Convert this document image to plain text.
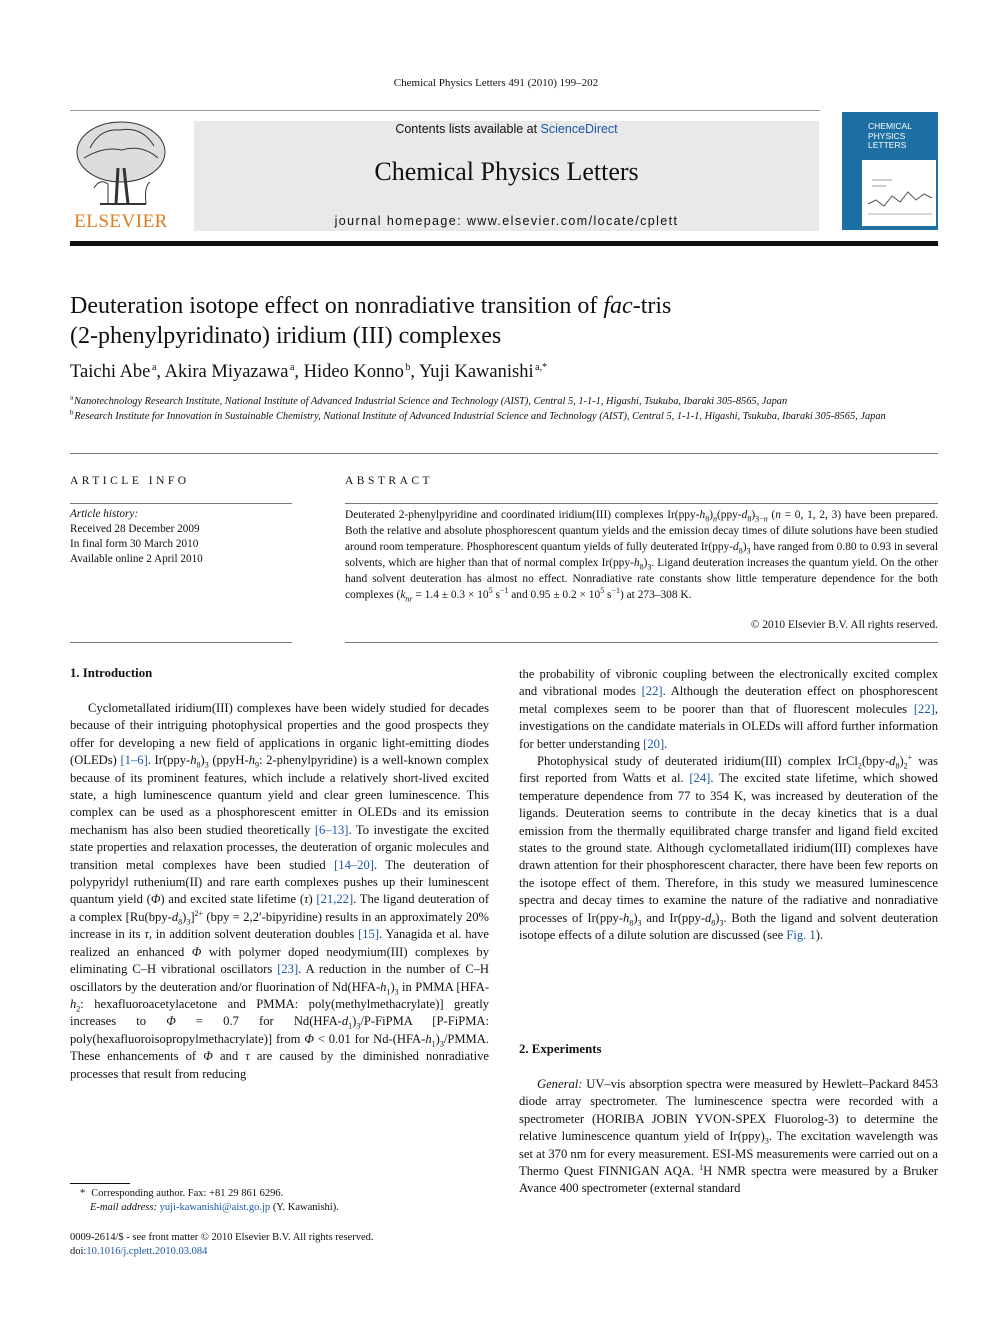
Chemical Physics Letters 491 (2010) 199–202
ELSEVIER
Contents lists available at ScienceDirect
Chemical Physics Letters
journal homepage: www.elsevier.com/locate/cplett
CHEMICAL PHYSICS LETTERS
Deuteration isotope effect on nonradiative transition of fac-tris
(2-phenylpyridinato) iridium (III) complexes
Taichi Abe  $^a$, Akira Miyazawa  $^a$, Hideo Konno  $^b$, Yuji Kawanishi  $^{a,*}$
$^a$ Nanotechnology Research Institute, National Institute of Advanced Industrial Science and Technology (AIST), Central 5, 1-1-1, Higashi, Tsukuba, Ibaraki 305-8565, Japan
$^b$ Research Institute for Innovation in Sustainable Chemistry, National Institute of Advanced Industrial Science and Technology (AIST), Central 5, 1-1-1, Higashi, Tsukuba, Ibaraki 305-8565, Japan
ARTICLE INFO	ABSTRACT
Article history:
Received 28 December 2009
In final form 30 March 2010
Available online 2 April 2010
Deuterated 2-phenylpyridine and coordinated iridium(III) complexes $Ir(ppy-h_8)_n(ppy-d_8)_{3-n}$ (n = 0, 1, 2, 3) have been prepared. Both the relative and absolute phosphorescent quantum yields and the emission decay times of dilute solutions have been studied around room temperature. Phosphorescent quantum yields of fully deuterated $Ir(ppy-d_8)_3$ have ranged from 0.80 to 0.93 in several solvents, which are higher than that of normal complex $Ir(ppy-h_8)_3$. Ligand deuteration increases the quantum yield. On the other hand solvent deuteration has almost no effect. Nonradiative rate constants show little temperature dependence for the both complexes ($k_{nr} = 1.4 \pm 0.3 \times 10^5$ $s^{-1}$ and $0.95 \pm 0.2 \times 10^5$ $s^{-1}$) at 273–308 K.
© 2010 Elsevier B.V. All rights reserved.
1. Introduction

Cyclometallated iridium(III) complexes have been widely studied for decades because of their intriguing photophysical properties and the good prospects they offer for developing a new field of applications in organic light-emitting diodes (OLEDs) [1–6]. $Ir(ppy-h_8)_3$ ($ppyH-h_9$: 2-phenylpyridine) is a well-known complex because of its prominent features, which include a relatively short-lived excited state, a high luminescence quantum yield and clear green luminescence. This complex can be used as a phosphorescent emitter in OLEDs and its emission mechanism has also been studied theoretically [6–13]. To investigate the excited state properties and relaxation processes, the deuteration of organic molecules and transition metal complexes have been studied [14–20]. The deuteration of polypyridyl ruthenium(II) and rare earth complexes pushes up their luminescent quantum yield (Φ) and excited state lifetime (τ) [21,22]. The ligand deuteration of a complex $[Ru(bpy-d_8)_3]^{2+}$ (bpy = 2,2′-bipyridine) results in an approximately 20% increase in its τ, in addition solvent deuteration doubles [15]. Yanagida et al. have realized an enhanced Φ with polymer doped neodymium(III) complexes by eliminating C–H vibrational oscillators [23]. A reduction in the number of C–H oscillators by the deuteration and/or fluorination of $Nd(HFA-h_1)_3$ in PMMA [$HFA-h_2$: hexafluoroacetylacetone and PMMA: poly(methylmethacrylate)] greatly increases to Φ = 0.7 for $Nd(HFA-d_1)_3/P$-FiPMA [P-FiPMA: poly(hexafluoroisopropylmethacrylate)] from Φ < 0.01 for $Nd-(HFA-h_1)_3$/PMMA. These enhancements of Φ and τ are caused by the diminished nonradiative processes that result from reducing

the probability of vibronic coupling between the electronically excited complex and vibrational modes [22]. Although the deuteration effect on phosphorescent metal complexes seem to be poorer than that of fluorescent molecules [22], investigations on the candidate materials in OLEDs will afford further information for better understanding [20].

Photophysical study of deuterated iridium(III) complex $IrCl_2(bpy-d_8)_2^+$ was first reported from Watts et al. [24]. The excited state lifetime, which showed temperature dependence from 77 to 354 K, was increased by deuteration of the ligands. Deuteration seems to contribute in the decay kinetics that is a dual emission from the thermally equilibrated charge transfer and ligand field excited states to the ground state. Although cyclometallated iridium(III) complexes have drawn attention for their phosphorescent character, there have been few reports on the isotope effect of them. Therefore, in this study we measured luminescence spectra and decay times to examine the nature of the radiative and nonradiative processes of $Ir(ppy-h_8)_3$ and $Ir(ppy-d_8)_3$. Both the ligand and solvent deuteration isotope effects of a dilute solution are discussed (see Fig. 1).

2. Experiments

General: UV–vis absorption spectra were measured by Hewlett–Packard 8453 diode array spectrometer. The luminescence spectra were recorded with a spectrometer (HORIBA JOBIN YVON-SPEX Fluorolog-3) to determine the relative luminescence quantum yield of $Ir(ppy)_3$. The excitation wavelength was set at 370 nm for every measurement. ESI-MS measurements were carried out on a Thermo Quest FINNIGAN AQA. $^1$H NMR spectra were measured by a Bruker Avance 400 spectrometer (external standard

* Corresponding author. Fax: +81 29 861 6296.
E-mail address: yuji-kawanishi@aist.go.jp (Y. Kawanishi).
0009-2614/$ - see front matter © 2010 Elsevier B.V. All rights reserved.
doi:10.1016/j.cplett.2010.03.084
